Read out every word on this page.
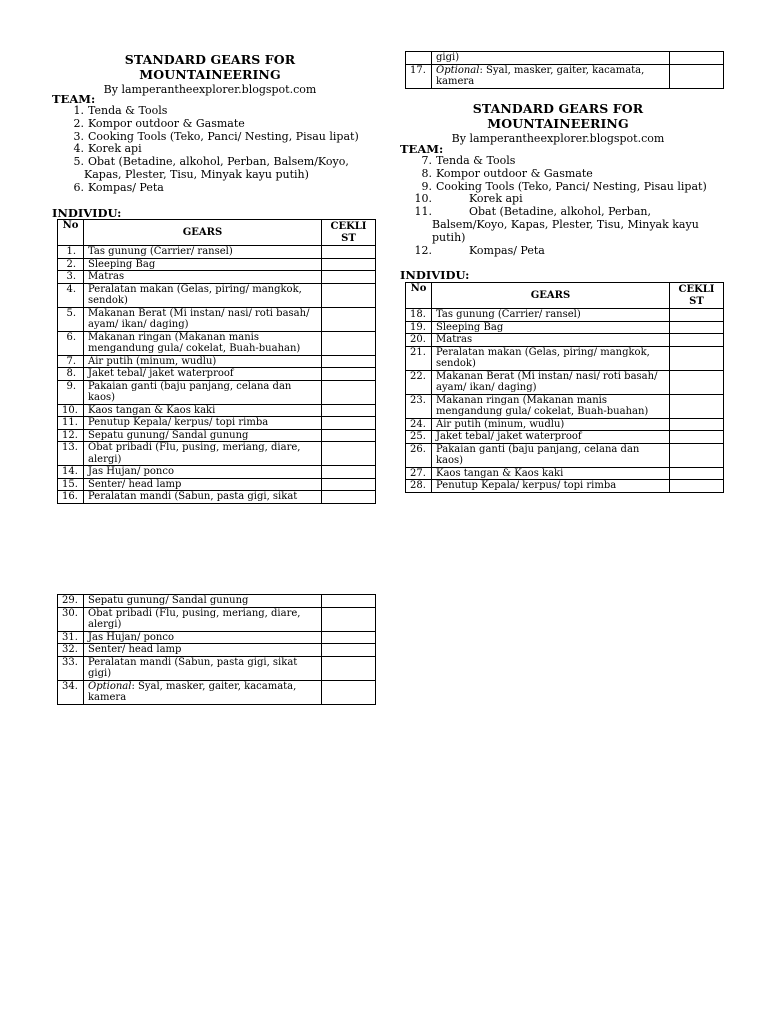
STANDARD GEARS FOR MOUNTAINEERING
By lamperantheexplorer.blogspot.com
TEAM:
1. Tenda & Tools
2. Kompor outdoor & Gasmate
3. Cooking Tools (Teko, Panci/ Nesting, Pisau lipat)
4. Korek api
5. Obat (Betadine, alkohol, Perban, Balsem/Koyo,
Kapas, Plester, Tisu, Minyak kayu putih)
6. Kompas/ Peta
INDIVIDU:
No	GEARS	CEKLI ST
1.	Tas gunung (Carrier/ ransel)	
2.	Sleeping Bag	
3.	Matras	
4.	Peralatan makan (Gelas, piring/ mangkok, sendok)	
5.	Makanan Berat (Mi instan/ nasi/ roti basah/ ayam/ ikan/ daging)	
6.	Makanan ringan (Makanan manis mengandung gula/ cokelat, Buah-buahan)	
7.	Air putih (minum, wudlu)	
8.	Jaket tebal/ jaket waterproof	
9.	Pakaian ganti (baju panjang, celana dan kaos)	
10.	Kaos tangan & Kaos kaki	
11.	Penutup Kepala/ kerpus/ topi rimba	
12.	Sepatu gunung/ Sandal gunung	
13.	Obat pribadi (Flu, pusing, meriang, diare, alergi)	
14.	Jas Hujan/ ponco	
15.	Senter/ head lamp	
16.	Peralatan mandi (Sabun, pasta gigi, sikat	
29.	Sepatu gunung/ Sandal gunung	
30.	Obat pribadi (Flu, pusing, meriang, diare, alergi)	
31.	Jas Hujan/ ponco	
32.	Senter/ head lamp	
33.	Peralatan mandi (Sabun, pasta gigi, sikat gigi)	
34.	Optional: Syal, masker, gaiter, kacamata, kamera	
	gigi)	
17.	Optional: Syal, masker, gaiter, kacamata, kamera	
STANDARD GEARS FOR MOUNTAINEERING
By lamperantheexplorer.blogspot.com
TEAM:
7. Tenda & Tools
8. Kompor outdoor & Gasmate
9. Cooking Tools (Teko, Panci/ Nesting, Pisau lipat)
10.	Korek api
11.	Obat (Betadine, alkohol, Perban,
Balsem/Koyo, Kapas, Plester, Tisu, Minyak kayu putih)
12.	Kompas/ Peta
INDIVIDU:
No	GEARS	CEKLI ST
18.	Tas gunung (Carrier/ ransel)	
19.	Sleeping Bag	
20.	Matras	
21.	Peralatan makan (Gelas, piring/ mangkok, sendok)	
22.	Makanan Berat (Mi instan/ nasi/ roti basah/ ayam/ ikan/ daging)	
23.	Makanan ringan (Makanan manis mengandung gula/ cokelat, Buah-buahan)	
24.	Air putih (minum, wudlu)	
25.	Jaket tebal/ jaket waterproof	
26.	Pakaian ganti (baju panjang, celana dan kaos)	
27.	Kaos tangan & Kaos kaki	
28.	Penutup Kepala/ kerpus/ topi rimba	
